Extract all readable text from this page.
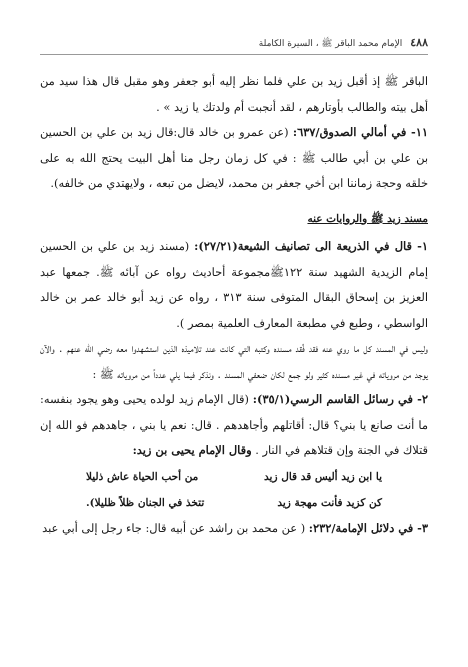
٤٨٨
الإمام محمد الباقر ﷺ ، السيرة الكاملة

الباقر ﷺ إذ أقبل زيد بن علي فلما نظر إليه أبو جعفر وهو مقبل قال هذا سيد من أهل بيته والطالب بأوتارهم ، لقد أنجبت أم ولدتك يا زيد » .

١١- في أمالي الصدوق/٦٣٧: (عن عمرو بن خالد قال:قال زيد بن علي بن الحسين بن علي بن أبي طالب ﷺ : في كل زمان رجل منا أهل البيت يحتج الله به على خلقه وحجة زماننا ابن أخي جعفر بن محمد، لايضل من تبعه ، ولايهتدي من خالفه).

مسند زيد ﷺ والروايات عنه

١- قال في الذريعة الى تصانيف الشيعة(٢٧/٢١): (مسند زيد بن علي بن الحسين إمام الزيدية الشهيد سنة ١٢٢ﷺمجموعة أحاديث رواه عن آبائه ﷺ. جمعها عبد العزيز بن إسحاق البقال المتوفى سنة ٣١٣ ، رواه عن زيد أبو خالد عمر بن خالد الواسطي ، وطبع في مطبعة المعارف العلمية بمصر ).

وليس في المسند كل ما روي عنه فقد فُقد مسنده وكتبه التي كانت عند تلاميذه الذين استشهدوا معه رضي الله عنهم . والآن يوجد من مروياته في غير مسنده كثير ولو جمع لكان ضعفي المسند . ونذكر فيما يلي عدداً من مروياته ﷺ :

٢- في رسائل القاسم الرسي(٣٥/١): (قال الإمام زيد لولده يحيى وهو يجود بنفسه: ما أنت صانع يا بني؟ قال: أقاتلهم وأجاهدهم . قال: نعم يا بني ، جاهدهم فو الله إن قتلاك في الجنة وإن قتلاهم في النار . وقال الإمام يحيى بن زيد:

يا ابن زيد أليس قد قال زيد
من أحب الحياة عاش ذليلا
كن كزيد فأنت مهجة زيد
تتخذ في الجنان ظلاً ظليلا).

٣- في دلائل الإمامة/٢٣٢: ( عن محمد بن راشد عن أبيه قال: جاء رجل إلى أبي عبد
